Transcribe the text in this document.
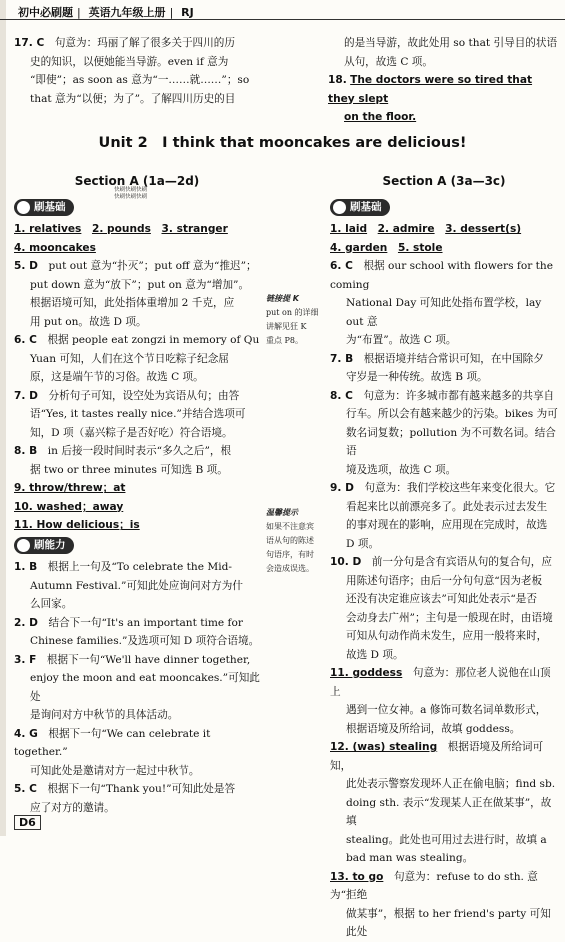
初中必刷题 | 英语九年级上册 | RJ

17. C　 句意为：玛丽了解了很多关于四川的历

史的知识，以便她能当导游。even if 意为

“即使”；as soon as 意为“一……就……”；so

that 意为“以便；为了”。了解四川历史的目

的是当导游，故此处用 so that 引导目的状语

从句，故选 C 项。

18. The doctors were so tired that they slept

on the floor.

Unit 2　I think that mooncakes are delicious!
快刷快刷快刷
快刷快刷快刷

Section A (1a—2d)

刷基础

1. relatives　 2. pounds　 3. stranger

4. mooncakes

5. D　 put out 意为“扑灭”；put off 意为“推迟”；

put down 意为“放下”；put on 意为“增加”。

根据语境可知，此处指体重增加 2 千克，应

用 put on。故选 D 项。

6. C　 根据 people eat zongzi in memory of Qu

Yuan 可知，人们在这个节日吃粽子纪念屈

原，这是端午节的习俗。故选 C 项。

7. D　 分析句子可知，设空处为宾语从句；由答

语“Yes, it tastes really nice.”并结合选项可

知，D 项（嘉兴粽子是否好吃）符合语境。

8. B　 in 后接一段时间时表示“多久之后”，根

据 two or three minutes 可知选 B 项。

9. throw/threw；at

10. washed；away

11. How delicious；is

刷能力

1. B　 根据上一句及“To celebrate the Mid-

Autumn Festival.”可知此处应询问对方为什

么回家。

2. D　 结合下一句“It's an important time for

Chinese families.”及选项可知 D 项符合语境。

3. F　 根据下一句“We'll have dinner together,

enjoy the moon and eat mooncakes.”可知此处

是询问对方中秋节的具体活动。

4. G　 根据下一句“We can celebrate it together.”

可知此处是邀请对方一起过中秋节。

5. C　 根据下一句“Thank you!”可知此处是答

应了对方的邀请。

链接提 K

put on 的详细

讲解见狂 K

重点 P8。

温馨提示

如果不注意宾

语从句的陈述

句语序，有时

会造成误选。

Section A (3a—3c)

刷基础

1. laid　 2. admire　 3. dessert(s)

4. garden　 5. stole

6. C　 根据 our school with flowers for the coming

National Day 可知此处指布置学校，lay out 意

为“布置”。故选 C 项。

7. B　 根据语境并结合常识可知，在中国除夕

守岁是一种传统。故选 B 项。

8. C　 句意为：许多城市都有越来越多的共享自

行车。所以会有越来越少的污染。bikes 为可

数名词复数；pollution 为不可数名词。结合语

境及选项，故选 C 项。

9. D　 句意为：我们学校这些年来变化很大。它

看起来比以前漂亮多了。此处表示过去发生

的事对现在的影响，应用现在完成时，故选

D 项。

10. D　 前一分句是含有宾语从句的复合句，应

用陈述句语序；由后一分句句意“因为老板

还没有决定谁应该去”可知此处表示“是否

会动身去广州”；主句是一般现在时，由语境

可知从句动作尚未发生，应用一般将来时，

故选 D 项。

11. goddess　 句意为：那位老人说他在山顶上

遇到一位女神。a 修饰可数名词单数形式，

根据语境及所给词，故填 goddess。

12. (was) stealing　 根据语境及所给词可知，

此处表示警察发现坏人正在偷电脑；find sb.

doing sth. 表示“发现某人正在做某事”，故填

stealing。此处也可用过去进行时，故填 a

bad man was stealing。

13. to go　 句意为：refuse to do sth. 意为“拒绝

做某事”，根据 to her friend's party 可知此处

D6
